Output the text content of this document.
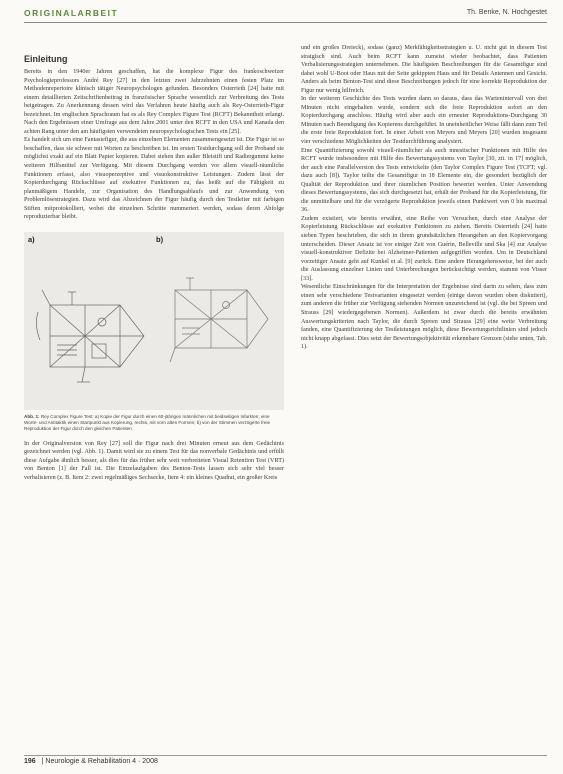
ORIGINALARBEIT	Th. Benke, N. Hochgestet
Einleitung

Bereits in den 1940er Jahren geschaffen, hat die komplexe Figur des frankoschweizer Psychologieprofessors André Rey [27] in den letzten zwei Jahrzehnten einen festen Platz im Methodenrepertoire klinisch tätiger Neuropsychologen gefunden. Besonders Osterrieth [24] hatte mit einem detaillierten Zeitschriftenbeitrag in französischer Sprache wesentlich zur Verbreitung des Tests beigetragen. Zu Anerkennung dessen wird das Verfahren heute häufig auch als Rey-Osterrieth-Figur bezeichnet. Im englischen Sprachraum hat es als Rey Complex Figure Test (RCFT) Bekanntheit erlangt. Nach den Ergebnissen einer Umfrage aus dem Jahre 2001 unter den RCFT in den USA und Kanada den achten Rang unter den am häufigsten verwendeten neuropsychologischen Tests ein [25].

Es handelt sich um eine Fantasiefigur, die aus einzelnen Elementen zusammengesetzt ist. Die Figur ist so beschaffen, dass sie schwer mit Worten zu beschreiben ist. Im ersten Testdurchgang soll der Proband sie möglichst exakt auf ein Blatt Papier kopieren. Dabei stehen ihm außer Bleistift und Radiergummi keine weiteren Hilfsmittel zur Verfügung. Mit diesem Durchgang werden vor allem visuell-räumliche Funktionen erfasst, also visuoperzeptive und visuokonstruktive Leistungen. Zudem lässt der Kopierdurchgang Rückschlüsse auf exekutive Funktionen zu, das heißt auf die Fähigkeit zu planmäßigem Handeln, zur Organisation des Handlungsablaufs und zur Anwendung von Problemlösestrategien. Dazu wird das Abzeichnen der Figur häufig durch den Testleiter mit farbigen Stiften mitprotokolliert, wobei die einzelnen Schritte nummeriert werden, sodass deren Abfolge reproduzierbar bleibt.

a)	b)
Abb. 1: Rey Complex Figure Test: a) Kopie der Figur durch einen 60-jährigen männlichen mit beidseitigen Infarkten; eine Worte- und Antitaktik einen Startpunkt aus Kopierung, rechts, mit vorn alten Formen; b) von der Stimmen verzögerte freie Reproduktion der Figur durch den gleichen Patienten

In der Originalversion von Rey [27] soll die Figur nach drei Minuten erneut aus dem Gedächtnis gezeichnet werden (vgl. Abb. 1). Damit wird sie zu einem Test für das nonverbale Gedächtnis und erfüllt diese Aufgabe ähnlich besser, als dies für das früher sehr weit verbreiteten Visual Retention Test (VRT) von Benton [1] der Fall ist. Die Einzelaufgaben des Benton-Tests lassen sich sehr viel besser verbalisieren (z. B. Item 2: zwei regelmäßiges Sechsecke, Item 4: ein kleines Quadrat, ein großer Kreis

und ein großes Dreieck), sodass (ganz) Merkfähigkeitsstrategien u. U. nicht gut in diesem Test stratgisch sind. Auch beim RCFT kann zumeist wieder beobachtet, dass Patienten Verbalisierungsstrategien unternehmen. Die häufigsten Beschreibungen für die Gesamtfigur sind dabei wohl U-Boot oder Haus mit der Seite gekippten Haus und für Details Antennen und Gesicht. Anders als beim Benton-Test sind diese Beschreibungen jedoch für eine korrekte Reproduktion der Figur nur wenig hilfreich.

In der weiteren Geschichte des Tests wurden dann so daraus, dass das Wartenintervall von drei Minuten nicht eingehalten wurde, sondern sich die freie Reproduktion sofort an den Kopierdurchgang anschloss. Häufig wird aber auch ein erneuter Reproduktions-Durchgang 30 Minuten nach Beendigung des Kopierens durchgeführt. In uneinheitlicher Weise fällt dann zum Teil die erste freie Reproduktion fort. In einer Arbeit von Meyers und Meyers [20] wurden insgesamt vier verschiedene Möglichkeiten der Testdurchführung analysiert.

Eine Quantifizierung sowohl visuell-räumlicher als auch mnestischer Funktionen mit Hilfe des RCFT wurde insbesondere mit Hilfe des Bewertungssystems von Taylor [30, zit. in 17] möglich, der auch eine Parallelversion des Tests entwickelte (den Taylor Complex Figure Test (TCFT; vgl. dazu auch [8]). Taylor teilte die Gesamtfigur in 18 Elemente ein, die gesondert bezüglich der Qualität der Reproduktion und ihrer räumlichen Position bewertet werden. Unter Anwendung dieses Bewertungssystems, das sich durchgesetzt hat, erhält der Proband für die Kopierleistung, für die unmittelbare und für die verzögerte Reproduktion jeweils einen Punktwert von 0 bis maximal 36.

Zudem existiert, wie bereits erwähnt, eine Reihe von Versuchen, durch eine Analyse der Kopierleistung Rückschlüsse auf exekutive Funktionen zu ziehen. Bereits Osterrieth [24] hatte sieben Typen beschrieben, die sich in ihrem grundsätzlichen Herangehen an den Kopiervorgang unterscheiden. Dieser Ansatz ist vor einiger Zeit von Guérin, Belleville und Ska [4] zur Analyse visuell-konstruktiver Defizite bei Alzheimer-Patienten aufgegriffen worden. Um in Deutschland vorzeitiger Ansatz geht auf Kunkel et al. [9] zurück. Eine andere Herangehensweise, bei der auch die Auslassung einzelner Linien und Unterbrechungen berücksichtigt werden, stammt von Visser [33].

Wesentliche Einschränkungen für die Interpretation der Ergebnisse sind darin zu sehen, dass zum einen sehr verschiedene Testvarianten eingesetzt werden (einige davon wurden oben diskutiert), zum anderen die früher zur Verfügung stehenden Normen unzureichend ist (vgl. die bei Spreen und Strauss [29] wiedergegebenen Normen). Außerdem ist zwar durch die bereits erwähnten Auswertungskriterien nach Taylor, die durch Spreen und Strauss [29] eine weite Verbreitung fanden, eine Quantifizierung der Testleistungen möglich, diese Bewertungsrichtlinien sind jedoch nicht knapp abgefasst. Dies setzt der Bewertungsobjektivität erkennbare Grenzen (siehe unten, Tab. 1).

196 | Neurologie & Rehabilitation 4 · 2008
